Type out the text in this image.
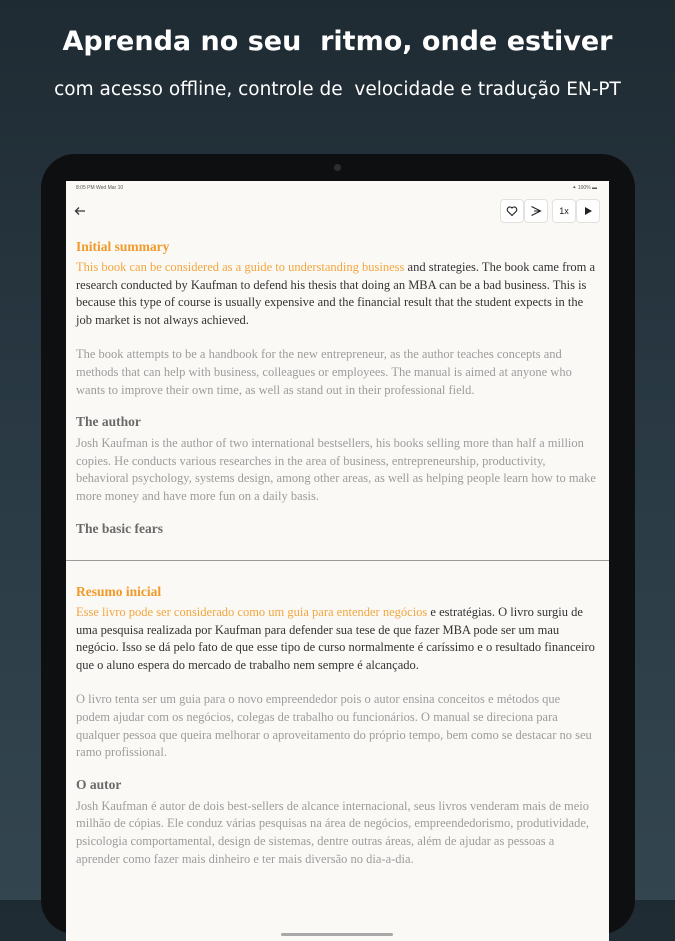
Aprenda no seu  ritmo, onde estiver
com acesso offline, controle de  velocidade e tradução EN-PT
8:05 PM Wed Mar 10	✦ 100% ▬
1x
Initial summary

This book can be considered as a guide to understanding business and strategies. The book came from a research conducted by Kaufman to defend his thesis that doing an MBA can be a bad business. This is because this type of course is usually expensive and the financial result that the student expects in the job market is not always achieved.

The book attempts to be a handbook for the new entrepreneur, as the author teaches concepts and methods that can help with business, colleagues or employees. The manual is aimed at anyone who wants to improve their own time, as well as stand out in their professional field.

The author

Josh Kaufman is the author of two international bestsellers, his books selling more than half a million copies. He conducts various researches in the area of business, entrepreneurship, productivity, behavioral psychology, systems design, among other areas, as well as helping people learn how to make more money and have more fun on a daily basis.

The basic fears
Resumo inicial

Esse livro pode ser considerado como um guia para entender negócios e estratégias. O livro surgiu de uma pesquisa realizada por Kaufman para defender sua tese de que fazer MBA pode ser um mau negócio. Isso se dá pelo fato de que esse tipo de curso normalmente é caríssimo e o resultado financeiro que o aluno espera do mercado de trabalho nem sempre é alcançado.

O livro tenta ser um guia para o novo empreendedor pois o autor ensina conceitos e métodos que podem ajudar com os negócios, colegas de trabalho ou funcionários. O manual se direciona para qualquer pessoa que queira melhorar o aproveitamento do próprio tempo, bem como se destacar no seu ramo profissional.

O autor

Josh Kaufman é autor de dois best-sellers de alcance internacional, seus livros venderam mais de meio milhão de cópias. Ele conduz várias pesquisas na área de negócios, empreendedorismo, produtividade, psicologia comportamental, design de sistemas, dentre outras áreas, além de ajudar as pessoas a aprender como fazer mais dinheiro e ter mais diversão no dia-a-dia.
